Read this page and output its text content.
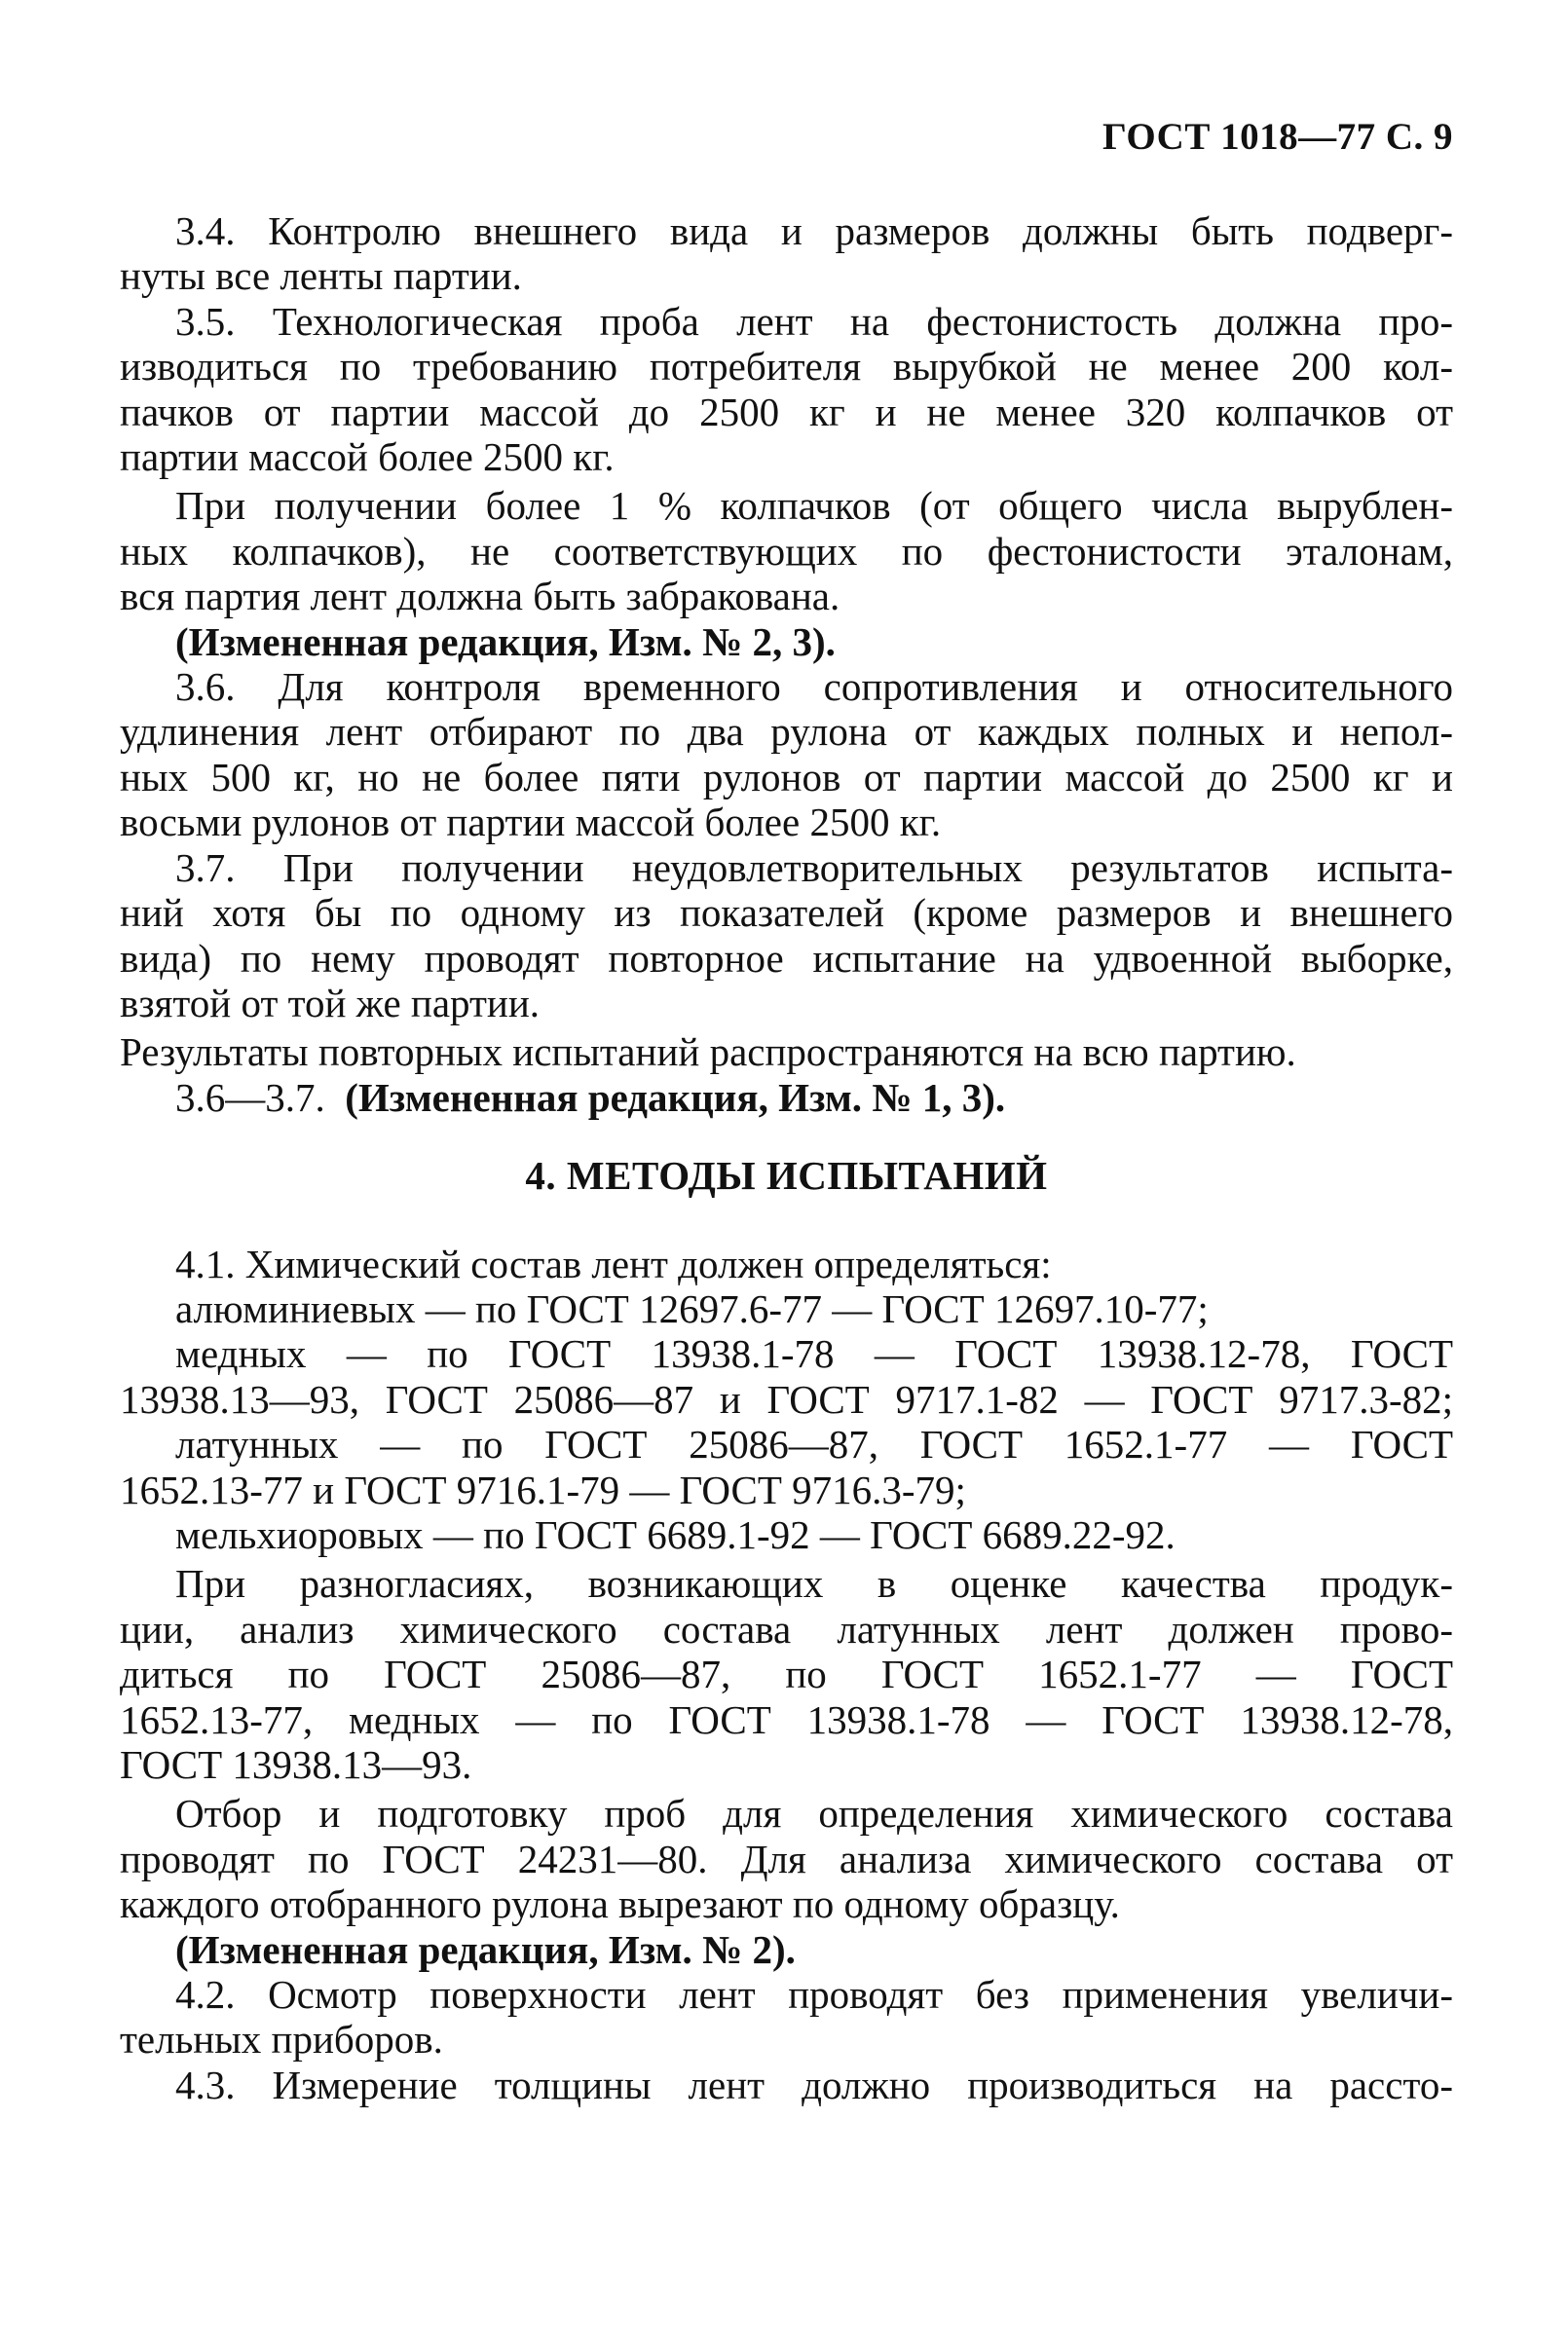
ГОСТ 1018—77 С. 9
3.4. Контролю внешнего вида и размеров должны быть подверг-
нуты все ленты партии.
3.5. Технологическая проба лент на фестонистость должна про-
изводиться по требованию потребителя вырубкой не менее 200 кол-
пачков от партии массой до 2500 кг и не менее 320 колпачков от
партии массой более 2500 кг.
При получении более 1 % колпачков (от общего числа вырублен-
ных колпачков), не соответствующих по фестонистости эталонам,
вся партия лент должна быть забракована.
(Измененная редакция, Изм. № 2, 3).
3.6. Для контроля временного сопротивления и относительного
удлинения лент отбирают по два рулона от каждых полных и непол-
ных 500 кг, но не более пяти рулонов от партии массой до 2500 кг и
восьми рулонов от партии массой более 2500 кг.
3.7. При получении неудовлетворительных результатов испыта-
ний хотя бы по одному из показателей (кроме размеров и внешнего
вида) по нему проводят повторное испытание на удвоенной выборке,
взятой от той же партии.
Результаты повторных испытаний распространяются на всю партию.
3.6—3.7. (Измененная редакция, Изм. № 1, 3).
4. МЕТОДЫ ИСПЫТАНИЙ
4.1. Химический состав лент должен определяться:
алюминиевых — по ГОСТ 12697.6-77 — ГОСТ 12697.10-77;
медных — по ГОСТ 13938.1-78 — ГОСТ 13938.12-78, ГОСТ
13938.13—93, ГОСТ 25086—87 и ГОСТ 9717.1-82 — ГОСТ 9717.3-82;
латунных — по ГОСТ 25086—87, ГОСТ 1652.1-77 — ГОСТ
1652.13-77 и ГОСТ 9716.1-79 — ГОСТ 9716.3-79;
мельхиоровых — по ГОСТ 6689.1-92 — ГОСТ 6689.22-92.
При разногласиях, возникающих в оценке качества продук-
ции, анализ химического состава латунных лент должен прово-
диться по ГОСТ 25086—87, по ГОСТ 1652.1-77 — ГОСТ
1652.13-77, медных — по ГОСТ 13938.1-78 — ГОСТ 13938.12-78,
ГОСТ 13938.13—93.
Отбор и подготовку проб для определения химического состава
проводят по ГОСТ 24231—80. Для анализа химического состава от
каждого отобранного рулона вырезают по одному образцу.
(Измененная редакция, Изм. № 2).
4.2. Осмотр поверхности лент проводят без применения увеличи-
тельных приборов.
4.3. Измерение толщины лент должно производиться на рассто-
